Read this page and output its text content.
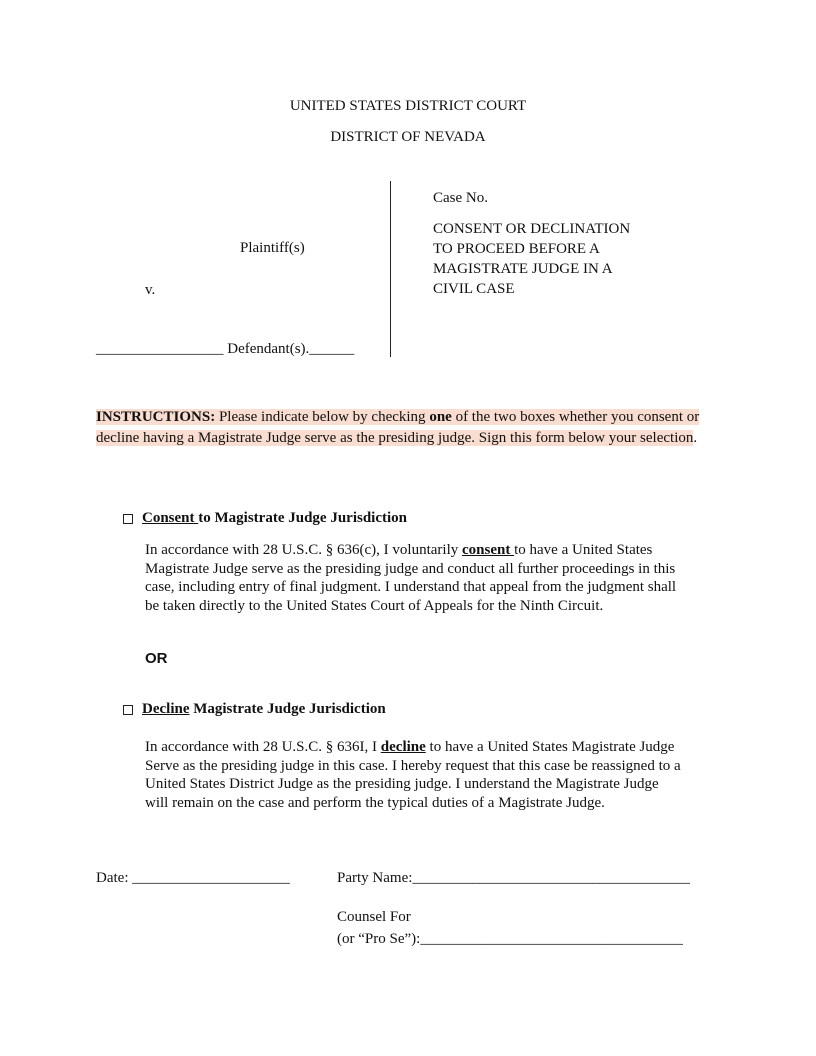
UNITED STATES DISTRICT COURT
DISTRICT OF NEVADA
Plaintiff(s)
v.
_________________ Defendant(s).______
Case No.
CONSENT OR DECLINATION
TO PROCEED BEFORE A
MAGISTRATE JUDGE IN A
CIVIL CASE
INSTRUCTIONS: Please indicate below by checking one of the two boxes whether you consent or decline having a Magistrate Judge serve as the presiding judge. Sign this form below your selection.
Consent to Magistrate Judge Jurisdiction
In accordance with 28 U.S.C. § 636(c), I voluntarily consent to have a United States
Magistrate Judge serve as the presiding judge and conduct all further proceedings in this
case, including entry of final judgment. I understand that appeal from the judgment shall
be taken directly to the United States Court of Appeals for the Ninth Circuit.
OR
Decline Magistrate Judge Jurisdiction
In accordance with 28 U.S.C. § 636I, I decline to have a United States Magistrate Judge
Serve as the presiding judge in this case. I hereby request that this case be reassigned to a
United States District Judge as the presiding judge. I understand the Magistrate Judge
will remain on the case and perform the typical duties of a Magistrate Judge.
Date: _____________________	Party Name:_____________________________________
Counsel For
(or “Pro Se”):___________________________________
